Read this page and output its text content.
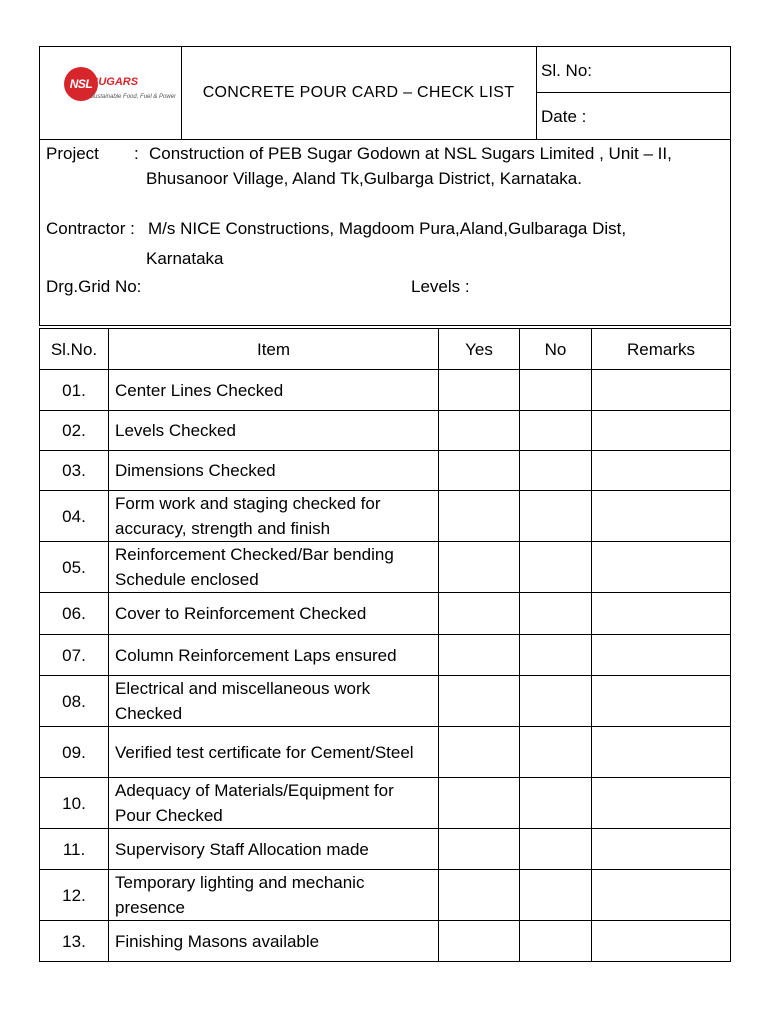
NSL
SUGARS
Sustainable Food, Fuel & Power	CONCRETE POUR CARD – CHECK LIST
Sl. No:
Date :
Project : Construction of PEB Sugar Godown at NSL Sugars Limited , Unit – II,
Bhusanoor Village, Aland Tk,Gulbarga District, Karnataka.
Contractor : M/s NICE Constructions, Magdoom Pura,Aland,Gulbaraga Dist,
Karnataka
Drg.Grid No:	Levels :
Sl.No.	Item	Yes	No	Remarks
01.	Center Lines Checked			
02.	Levels Checked			
03.	Dimensions Checked			
04.	Form work and staging checked for accuracy, strength and finish			
05.	Reinforcement Checked/Bar bending Schedule enclosed			
06.	Cover to Reinforcement Checked			
07.	Column Reinforcement Laps ensured			
08.	Electrical and miscellaneous work Checked			
09.	Verified test certificate for Cement/Steel			
10.	Adequacy of Materials/Equipment for Pour Checked			
11.	Supervisory Staff Allocation made			
12.	Temporary lighting and mechanic presence			
13.	Finishing Masons available			
